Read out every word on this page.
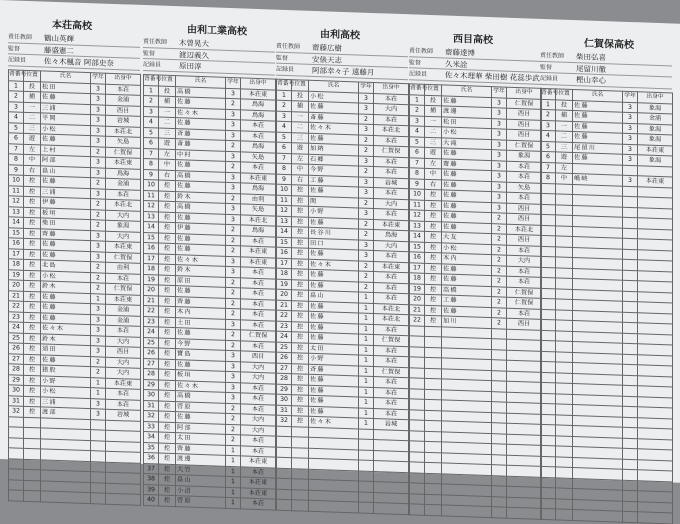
本荘高校
責任教師	鶴山英輝
監督	藤盛憲二
記録員	佐々木楓音 阿部史奈
背番号	位置	氏名	学年	出身中
1	投	松田	3	本荘
2	捕	佐藤	3	金浦
3	一	三浦	3	西目
4	二	平岡	3	岩城
5	三	小松	3	本荘北
6	遊	佐藤	3	矢島
7	左	上村	2	仁賀保
8	中	阿部	3	本荘東
9	右	畠山	3	鳥海
10	控	佐藤	2	金浦
11	控	三浦	3	本荘
12	控	伊藤	2	本荘北
13	控	板垣	2	大内
14	控	柴田	2	象潟
15	控	齊藤	3	大内
16	控	佐藤	3	本荘東
17	控	佐藤	3	仁賀保
18	控	北島	2	由利
19	控	小松	2	本荘
20	控	鈴木	2	仁賀保
21	控	佐藤	1	本荘東
22	控	佐藤	3	金浦
23	控	佐藤	3	金浦
24	控	佐々木	3	本荘
25	控	鈴木	3	大内
26	控	須田	3	西目
27	控	佐藤	2	大内
28	控	猪股	2	大内
29	控	小野	1	本荘東
30	控	小松	1	本荘
31	控	三浦	3	本荘
32	控	渡部	3	岩城

由利工業高校
責任教師	木曽晃大
監督	渡辺義久
記録員	原田淳
背番号	位置	氏名	学年	出身中
1	投	高橋	3	本荘東
2	捕	佐藤	2	鳥海
3	一	佐々木	3	鳥海
4	二	佐藤	3	本荘
5	三	斉藤	3	本荘
6	遊	斎藤	2	鳥海
7	左	中村	3	矢島
8	中	佐藤	2	本荘
9	右	高橋	3	本荘東
10	控	佐藤	3	鳥海
11	控	鈴木	2	由利
12	控	高橋	3	矢島
13	控	佐藤	3	本荘北
14	控	伊藤	2	鳥海
15	控	佐藤	2	本荘
16	控	佐藤	2	本荘東
17	控	佐々木	3	本荘東
18	控	鈴木	3	本荘
19	控	原田	2	本荘
20	控	佐藤	2	本荘
21	控	齊藤	2	本荘
22	控	木内	2	本荘
23	控	土田	3	本荘
24	控	佐藤	2	仁賀保
25	控	今野	2	本荘
26	控	寶島	3	西目
27	控	佐藤	3	大内
28	控	板垣	3	大内
29	控	佐々木	3	本荘
30	控	高橋	3	本荘
31	控	菅原	2	本荘
32	控	佐藤	2	大内
33	控	阿部	2	大内
34	控	太田	2	本荘
35	控	齊藤	1	本荘
36	控	渡邊	1	本荘東
37	控	大竹	1	本荘
38	控	畠山	1	本荘東
39	控	小沼	1	本荘東
40	控	菅原	1	本荘
由利高校
責任教師	齋藤広樹
監督	安俵天志
記録員	阿部幸々子 遠藤月
背番号	位置	氏名	学年	出身中
1	投	小松	3	本荘
2	捕	佐藤	3	大内
3	一	斎藤	2	本荘
4	二	佐々木	3	本荘北
5	三	佐藤	2	本荘
6	遊	加納	2	仁賀保
7	左	石郷	3	本荘
8	中	今野	2	本荘
9	右	工藤	3	岩城
10	控	佐藤	3	本荘
11	控	関	2	大内
12	控	小野	3	本荘
13	控	佐藤	2	本荘東
14	控	長谷川	2	鳥海
15	控	田口	3	大内
16	控	佐藤	3	本荘
17	控	佐々木	2	本荘東
18	控	佐藤	2	本荘
19	控	佐藤	2	本荘
20	控	畠山	1	本荘
21	控	佐藤	1	本荘北
22	控	佐藤	1	本荘北
23	控	佐藤	1	本荘
24	控	佐藤	1	仁賀保
25	控	太田	1	本荘
26	控	小野	1	本荘
27	控	斉藤	1	仁賀保
28	控	佐藤	1	本荘
29	控	佐藤	1	本荘
30	控	佐藤	1	本荘
31	控	佐藤	1	本荘
32	控	佐々木	1	岩城

西目高校
責任教師	齋藤達博
監督	久米詮
記録員	佐々木理華 柴田樹 花蕊歩武
背番号	位置	氏名	学年	出身中
1	投	佐藤	3	仁賀保
2	捕	渡邊	3	西目
3	一	松田	3	西目
4	二	小松	3	西目
5	三	大滝	3	仁賀保
6	遊	佐藤	3	象潟
7	左	齋藤	3	本荘
8	中	佐藤	3	本荘
9	右	佐藤	3	矢島
10	控	佐藤	3	本荘
11	控	佐藤	3	西目
12	控	佐藤	2	西目
13	控	佐藤	2	本荘北
14	控	大友	2	西目
15	控	小松	2	本荘
16	控	木内	2	大内
17	控	佐藤	2	本荘
18	控	佐藤	2	本荘
19	控	高橋	2	仁賀保
20	控	工藤	2	仁賀保
21	控	佐藤	2	本荘
22	控	加川	2	西目

仁賀保高校
責任教師	柴田弘喜
監督	尾留川徹
記録員	樫山幸心
背番号	位置	氏名	学年	出身中
1	投	佐藤	3	象潟
2	捕	佐藤	3	金浦
3	一	佐藤	3	象潟
4	二	佐藤	3	象潟
5	三	尾留川	3	本荘東
6	遊	佐藤	3	象潟
7	左			
8	中	嶋峡	3	本荘東
